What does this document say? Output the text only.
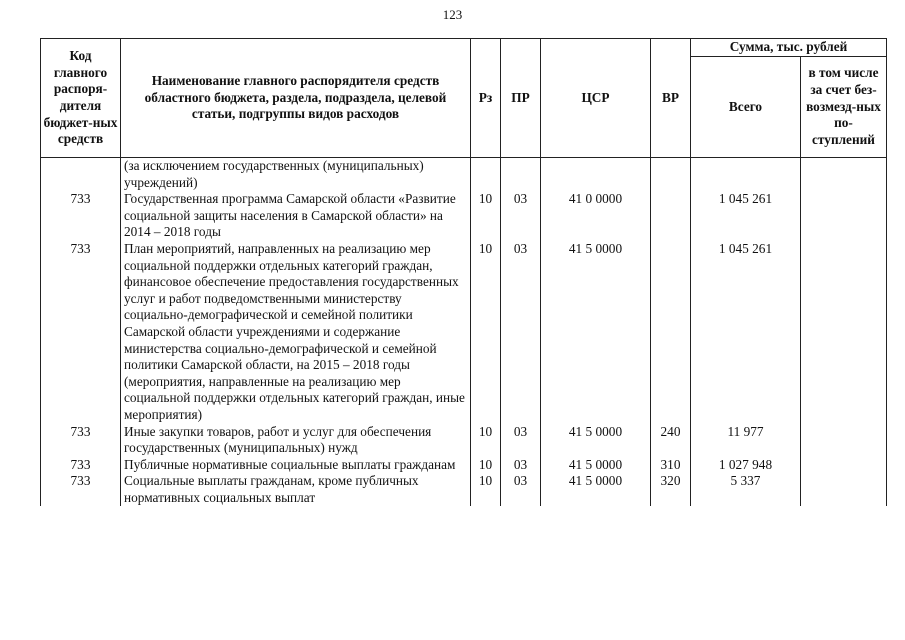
123
Код главного распоря-дителя бюджет-ных средств	Наименование главного распорядителя средств областного бюджета, раздела, подраздела, целевой статьи, подгруппы видов расходов	Рз	ПР	ЦСР	ВР	Сумма, тыс. рублей	
						Всего	в том числе за счет без-возмезд-ных по-ступлений
	(за исключением государственных (муниципальных) учреждений)						
733	Государственная программа Самарской области «Развитие социальной защиты населения в Самарской области» на 2014 – 2018 годы	10	03	41 0 0000		1 045 261	
733	План мероприятий, направленных на реализацию мер социальной поддержки отдельных категорий граждан, финансовое обеспечение предоставления государственных услуг и работ подведомственными министерству социально-демографической и семейной политики Самарской области учреждениями и содержание министерства социально-демографической и семейной политики Самарской области, на 2015 – 2018 годы (мероприятия, направленные на реализацию мер социальной поддержки отдельных категорий граждан, иные мероприятия)	10	03	41 5 0000		1 045 261	
733	Иные закупки товаров, работ и услуг для обеспечения государственных (муниципальных) нужд	10	03	41 5 0000	240	11 977	
733	Публичные нормативные социальные выплаты гражданам	10	03	41 5 0000	310	1 027 948	
733	Социальные выплаты гражданам, кроме публичных нормативных социальных выплат	10	03	41 5 0000	320	5 337	
